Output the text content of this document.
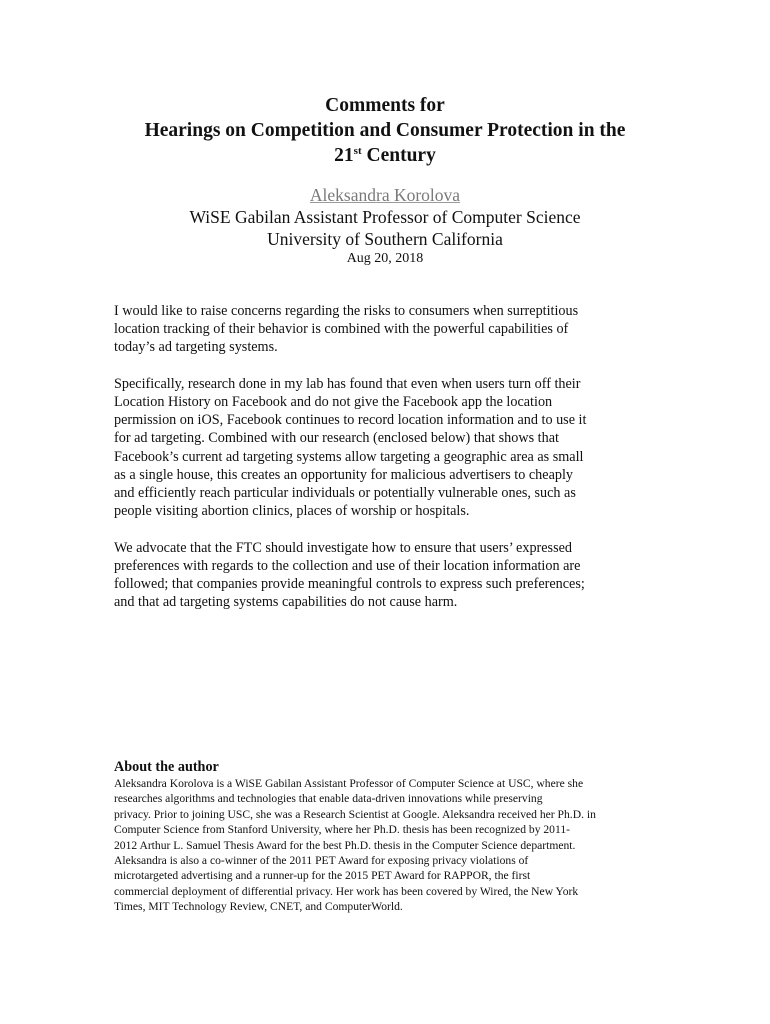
Comments for
Hearings on Competition and Consumer Protection in the
21st Century
Aleksandra Korolova
WiSE Gabilan Assistant Professor of Computer Science
University of Southern California
Aug 20, 2018

I would like to raise concerns regarding the risks to consumers when surreptitious
location tracking of their behavior is combined with the powerful capabilities of
today’s ad targeting systems.

Specifically, research done in my lab has found that even when users turn off their
Location History on Facebook and do not give the Facebook app the location
permission on iOS, Facebook continues to record location information and to use it
for ad targeting. Combined with our research (enclosed below) that shows that
Facebook’s current ad targeting systems allow targeting a geographic area as small
as a single house, this creates an opportunity for malicious advertisers to cheaply
and efficiently reach particular individuals or potentially vulnerable ones, such as
people visiting abortion clinics, places of worship or hospitals.

We advocate that the FTC should investigate how to ensure that users’ expressed
preferences with regards to the collection and use of their location information are
followed; that companies provide meaningful controls to express such preferences;
and that ad targeting systems capabilities do not cause harm.

About the author
Aleksandra Korolova is a WiSE Gabilan Assistant Professor of Computer Science at USC, where she
researches algorithms and technologies that enable data-driven innovations while preserving
privacy. Prior to joining USC, she was a Research Scientist at Google. Aleksandra received her Ph.D. in
Computer Science from Stanford University, where her Ph.D. thesis has been recognized by 2011-
2012 Arthur L. Samuel Thesis Award for the best Ph.D. thesis in the Computer Science department.
Aleksandra is also a co-winner of the 2011 PET Award for exposing privacy violations of
microtargeted advertising and a runner-up for the 2015 PET Award for RAPPOR, the first
commercial deployment of differential privacy. Her work has been covered by Wired, the New York
Times, MIT Technology Review, CNET, and ComputerWorld.
